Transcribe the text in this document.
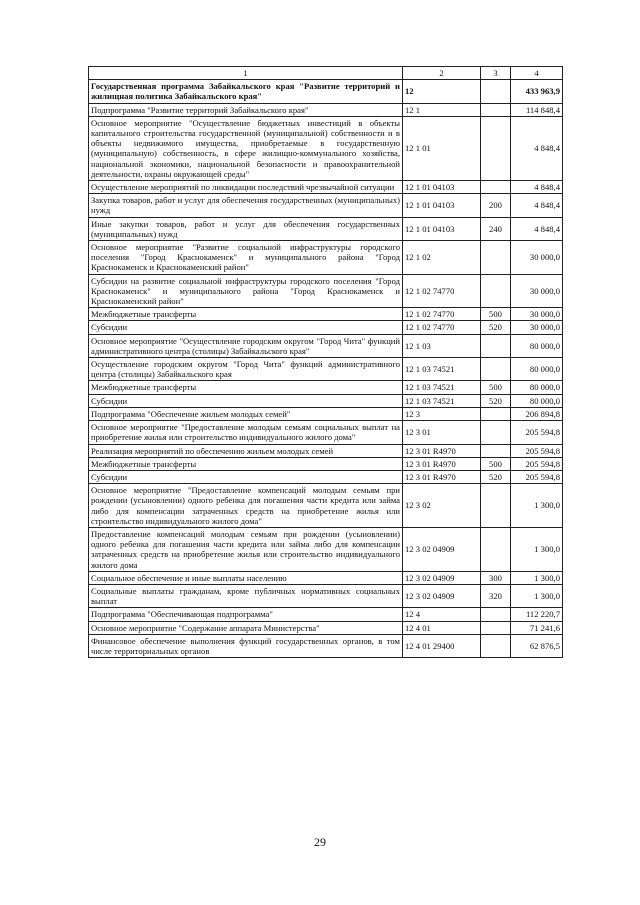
1	2	3	4
Государственная программа Забайкальского края "Развитие территорий и жилищная политика Забайкальского края"	12		433 963,9
Подпрограмма "Развитие территорий Забайкальского края"	12 1		114 848,4
Основное мероприятие "Осуществление бюджетных инвестиций в объекты капитального строительства государственной (муниципальной) собственности и в объекты недвижимого имущества, приобретаемые в государственную (муниципальную) собственность, в сфере жилищно-коммунального хозяйства, национальной экономики, национальной безопасности и правоохранительной деятельности, охраны окружающей среды"	12 1 01		4 848,4
Осуществление мероприятий по ликвидации последствий чрезвычайной ситуации	12 1 01 04103		4 848,4
Закупка товаров, работ и услуг для обеспечения государственных (муниципальных) нужд	12 1 01 04103	200	4 848,4
Иные закупки товаров, работ и услуг для обеспечения государственных (муниципальных) нужд	12 1 01 04103	240	4 848,4
Основное мероприятие "Развитие социальной инфраструктуры городского поселения "Город Краснокаменск" и муниципального района "Город Краснокаменск и Краснокаменский район"	12 1 02		30 000,0
Субсидии на развитие социальной инфраструктуры городского поселения "Город Краснокаменск" и муниципального района "Город Краснокаменск и Краснокаменский район"	12 1 02 74770		30 000,0
Межбюджетные трансферты	12 1 02 74770	500	30 000,0
Субсидии	12 1 02 74770	520	30 000,0
Основное мероприятие "Осуществление городским округом "Город Чита" функций административного центра (столицы) Забайкальского края"	12 1 03		80 000,0
Осуществление городским округом "Город Чита" функций административного центра (столицы) Забайкальского края	12 1 03 74521		80 000,0
Межбюджетные трансферты	12 1 03 74521	500	80 000,0
Субсидии	12 1 03 74521	520	80 000,0
Подпрограмма "Обеспечение жильем молодых семей"	12 3		206 894,8
Основное мероприятие "Предоставление молодым семьям социальных выплат на приобретение жилья или строительство индивидуального жилого дома"	12 3 01		205 594,8
Реализация мероприятий по обеспечению жильем молодых семей	12 3 01 R4970		205 594,8
Межбюджетные трансферты	12 3 01 R4970	500	205 594,8
Субсидии	12 3 01 R4970	520	205 594,8
Основное мероприятие "Предоставление компенсаций молодым семьям при рождении (усыновлении) одного ребенка для погашения части кредита или займа либо для компенсации затраченных средств на приобретение жилья или строительство индивидуального жилого дома"	12 3 02		1 300,0
Предоставление компенсаций молодым семьям при рождении (усыновлении) одного ребенка для погашения части кредита или займа либо для компенсации затраченных средств на приобретение жилья или строительство индивидуального жилого дома	12 3 02 04909		1 300,0
Социальное обеспечение и иные выплаты населению	12 3 02 04909	300	1 300,0
Социальные выплаты гражданам, кроме публичных нормативных социальных выплат	12 3 02 04909	320	1 300,0
Подпрограмма "Обеспечивающая подпрограмма"	12 4		112 220,7
Основное мероприятие "Содержание аппарата Министерства"	12 4 01		71 241,6
Финансовое обеспечение выполнения функций государственных органов, в том числе территориальных органов	12 4 01 29400		62 876,5
29
